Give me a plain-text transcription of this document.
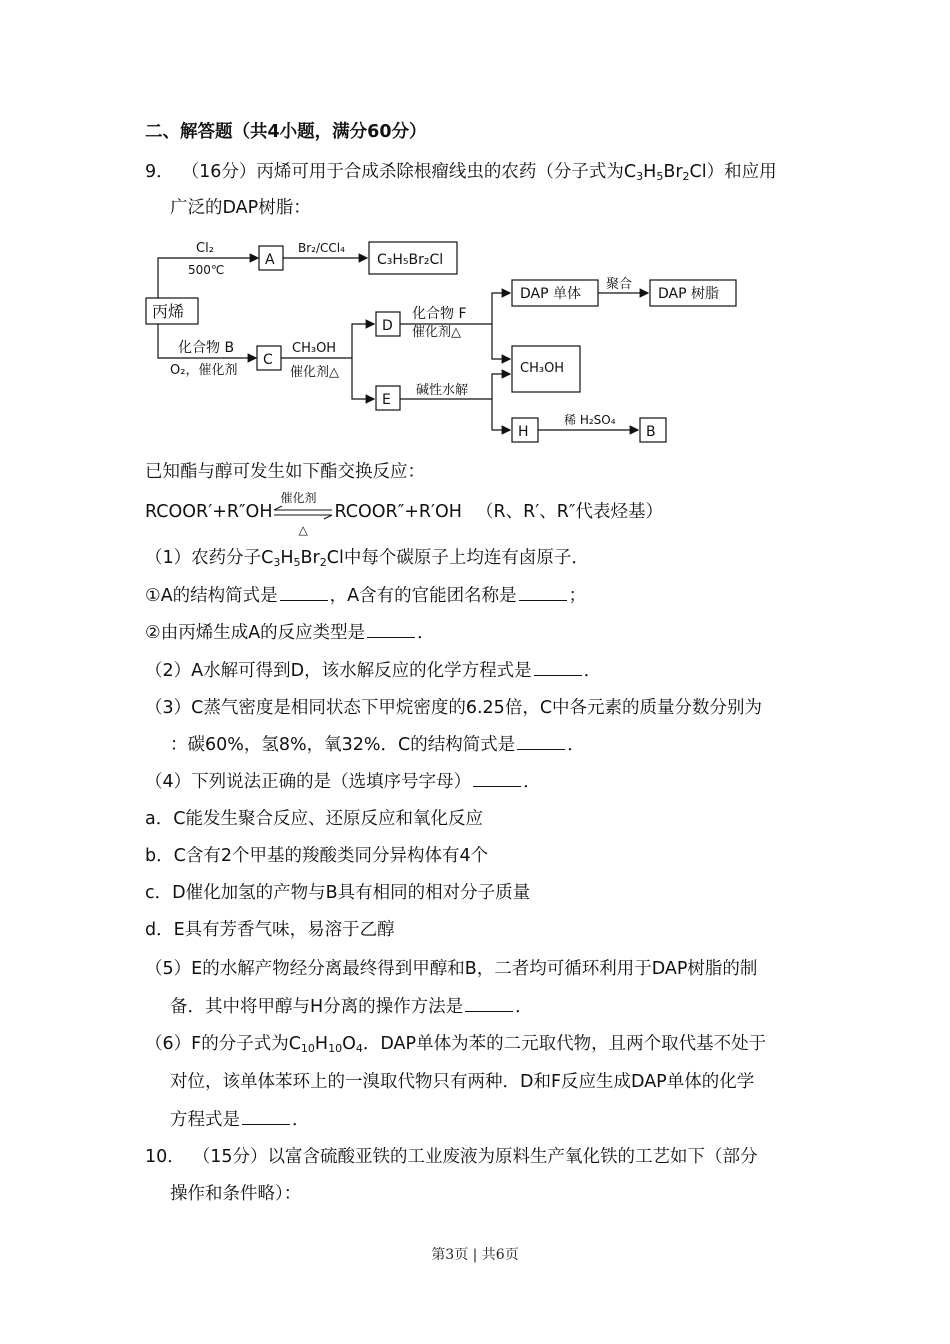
二、解答题（共4小题，满分60分）
9． （16分）丙烯可用于合成杀除根瘤线虫的农药（分子式为$C_3H_5Br_2Cl$）和应用
广泛的DAP树脂：
丙烯
Cl₂
500℃
A
Br₂/CCl₄
C₃H₅Br₂Cl
化合物 B
O₂，催化剂
C
CH₃OH
催化剂△
D
化合物 F
催化剂△
DAP 单体
聚合
DAP 树脂
CH₃OH
E
碱性水解
H
稀 H₂SO₄
B
已知酯与醇可发生如下酯交换反应：
RCOOR′+R″OH
催化剂
△
RCOOR″+R′OH （R、R′、R″代表烃基）
（1）农药分子$C_3H_5Br_2Cl$中每个碳原子上均连有卤原子．
①A的结构简式是	，A含有的官能团名称是	；
②由丙烯生成A的反应类型是	．
（2）A水解可得到D，该水解反应的化学方程式是	．
（3）C蒸气密度是相同状态下甲烷密度的6.25倍，C中各元素的质量分数分别为
：碳60%，氢8%，氧32%．C的结构简式是	．
（4）下列说法正确的是（选填序号字母）	．
a．C能发生聚合反应、还原反应和氧化反应
b．C含有2个甲基的羧酸类同分异构体有4个
c．D催化加氢的产物与B具有相同的相对分子质量
d．E具有芳香气味，易溶于乙醇
（5）E的水解产物经分离最终得到甲醇和B，二者均可循环利用于DAP树脂的制
备．其中将甲醇与H分离的操作方法是	．
（6）F的分子式为$C_{10}H_{10}O_4$．DAP单体为苯的二元取代物，且两个取代基不处于
对位，该单体苯环上的一溴取代物只有两种．D和F反应生成DAP单体的化学
方程式是	．
10． （15分）以富含硫酸亚铁的工业废液为原料生产氧化铁的工艺如下（部分
操作和条件略）：
第3页 | 共6页
